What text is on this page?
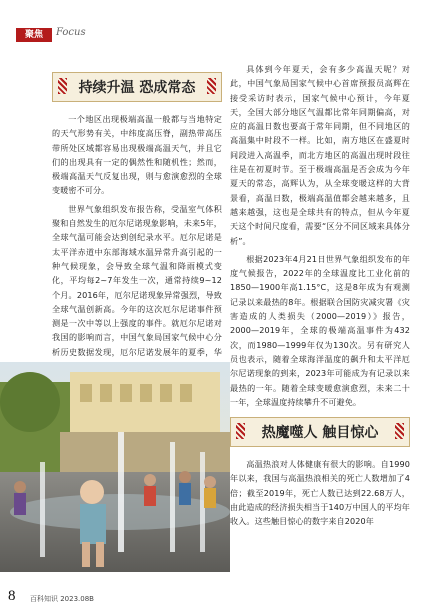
聚焦	Focus
持续升温 恐成常态

一个地区出现极端高温一般都与当地特定的天气形势有关，中纬度高压脊，副热带高压带所处区域都容易出现极端高温天气，并且它们的出现具有一定的偶然性和随机性；然而，极端高温天气反复出现，则与愈演愈烈的全球变暖密不可分。

世界气象组织发布报告称，受温室气体积聚和自然发生的厄尔尼诺现象影响，未来5年，全球气温可能会达到创纪录水平。厄尔尼诺是太平洋赤道中东部海域水温异常升高引起的一种气候现象，会导致全球气温和降雨模式变化，平均每2~7年发生一次，通常持续9~12个月。2016年，厄尔尼诺现象异常强烈，导致全球气温创新高。今年的这次厄尔尼诺事件预测是一次中等以上强度的事件。就厄尔尼诺对我国的影响而言，中国气象局国家气候中心分析历史数据发现，厄尔尼诺发展年的夏季，华

具体到今年夏天，会有多少高温天呢？对此，中国气象局国家气候中心首席预报员高辉在接受采访时表示，国家气候中心预计，今年夏天，全国大部分地区气温都比常年同期偏高，对应的高温日数也要高于常年同期，但不同地区的高温集中时段不一样。比如，南方地区在盛夏时间段进入高温季，而北方地区的高温出现时段往往是在初夏时节。至于极端高温是否会成为今年夏天的常态，高辉认为，从全球变暖这样的大背景看，高温日数，极端高温值都会越来越多，且越来越强，这也是全球共有的特点，但从今年夏天这个时间尺度看，需要“区分不同区域来具体分析”。

根据2023年4月21日世界气象组织发布的年度气候报告，2022年的全球温度比工业化前的1850—1900年高1.15°C，这是8年成为有观测记录以来最热的8年。根据联合国防灾减灾署《灾害造成的人类损失（2000—2019）》报告，2000—2019年，全球的极端高温事件为432次，而1980—1999年仅为130次。另有研究人员也表示，随着全球海洋温度的飙升和太平洋厄尔尼诺现象的到来，2023年可能成为有记录以来最热的一年。随着全球变暖愈演愈烈，未来二十一年，全球温度持续攀升不可避免。

热魔噬人 触目惊心

高温热浪对人体健康有很大的影响。自1990年以来，我国与高温热浪相关的死亡人数增加了4倍；截至2019年，死亡人数已达到22.68万人，由此造成的经济损失相当于140万中国人的平均年收入。这些触目惊心的数字来自2020年

8 百科知识 2023.08B
